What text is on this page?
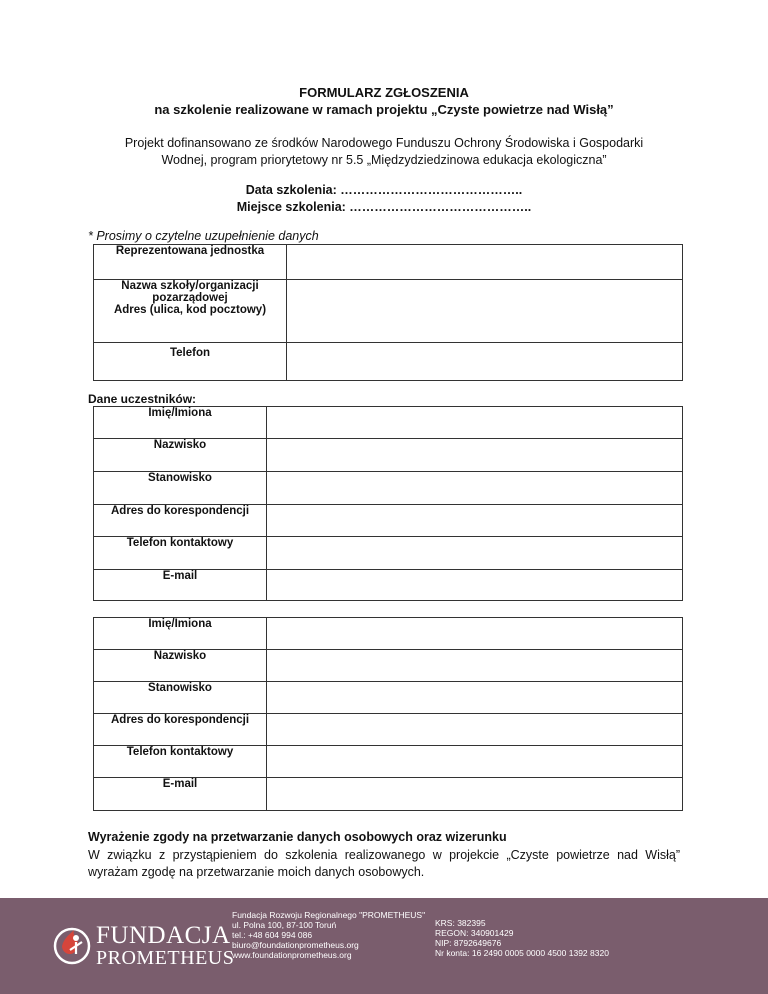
FORMULARZ ZGŁOSZENIA
na szkolenie realizowane w ramach projektu „Czyste powietrze nad Wisłą”
Projekt dofinansowano ze środków Narodowego Funduszu Ochrony Środowiska i Gospodarki
Wodnej, program priorytetowy nr 5.5 „Międzydziedzinowa edukacja ekologiczna”
Data szkolenia: ……………………………………..
Miejsce szkolenia: ……………………………………..
* Prosimy o czytelne uzupełnienie danych
Reprezentowana jednostka	
Nazwa szkoły/organizacji
pozarządowej
Adres (ulica, kod pocztowy)	
Telefon	
Dane uczestników:
Imię/Imiona	
Nazwisko	
Stanowisko	
Adres do korespondencji	
Telefon kontaktowy	
E-mail	
Imię/Imiona	
Nazwisko	
Stanowisko	
Adres do korespondencji	
Telefon kontaktowy	
E-mail	
Wyrażenie zgody na przetwarzanie danych osobowych oraz wizerunku
W związku z przystąpieniem do szkolenia realizowanego w projekcie „Czyste powietrze nad Wisłą” wyrażam zgodę na przetwarzanie moich danych osobowych.
FUNDACJA
PROMETHEUS
Fundacja Rozwoju Regionalnego "PROMETHEUS"
ul. Polna 100, 87-100 Toruń
tel.: +48 604 994 086
biuro@foundationprometheus.org
www.foundationprometheus.org
KRS: 382395
REGON: 340901429
NIP: 8792649676
Nr konta: 16 2490 0005 0000 4500 1392 8320
